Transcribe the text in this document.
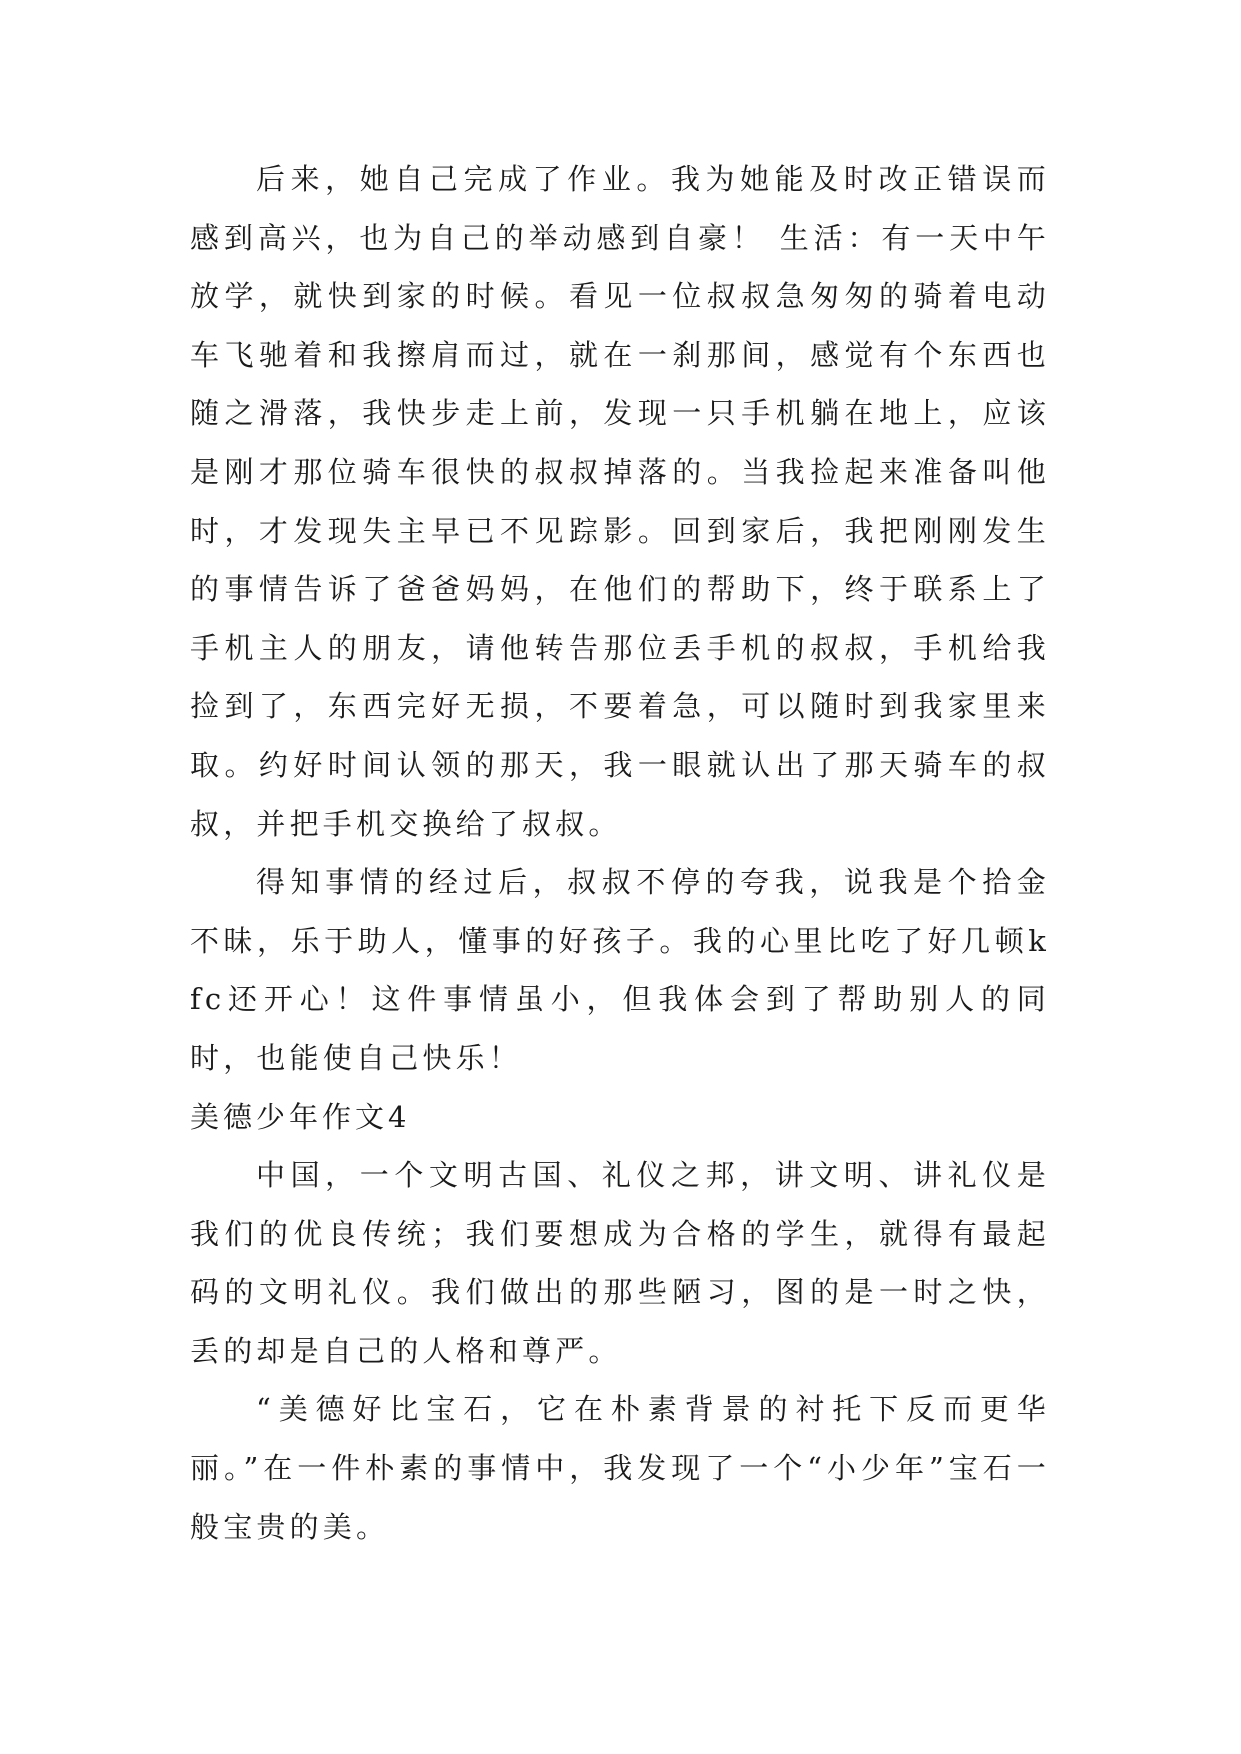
后来，她自己完成了作业。我为她能及时改正错误而感到高兴，也为自己的举动感到自豪！ 生活：有一天中午放学，就快到家的时候。看见一位叔叔急匆匆的骑着电动车飞驰着和我擦肩而过，就在一刹那间，感觉有个东西也随之滑落，我快步走上前，发现一只手机躺在地上，应该是刚才那位骑车很快的叔叔掉落的。当我捡起来准备叫他时，才发现失主早已不见踪影。回到家后，我把刚刚发生的事情告诉了爸爸妈妈，在他们的帮助下，终于联系上了手机主人的朋友，请他转告那位丢手机的叔叔，手机给我捡到了，东西完好无损，不要着急，可以随时到我家里来取。约好时间认领的那天，我一眼就认出了那天骑车的叔叔，并把手机交换给了叔叔。

得知事情的经过后，叔叔不停的夸我，说我是个拾金不昧，乐于助人，懂事的好孩子。我的心里比吃了好几顿kfc还开心！这件事情虽小，但我体会到了帮助别人的同时，也能使自己快乐！

美德少年作文4

中国，一个文明古国、礼仪之邦，讲文明、讲礼仪是我们的优良传统；我们要想成为合格的学生，就得有最起码的文明礼仪。我们做出的那些陋习，图的是一时之快，丢的却是自己的人格和尊严。

“美德好比宝石，它在朴素背景的衬托下反而更华丽。”在一件朴素的事情中，我发现了一个“小少年”宝石一般宝贵的美。
